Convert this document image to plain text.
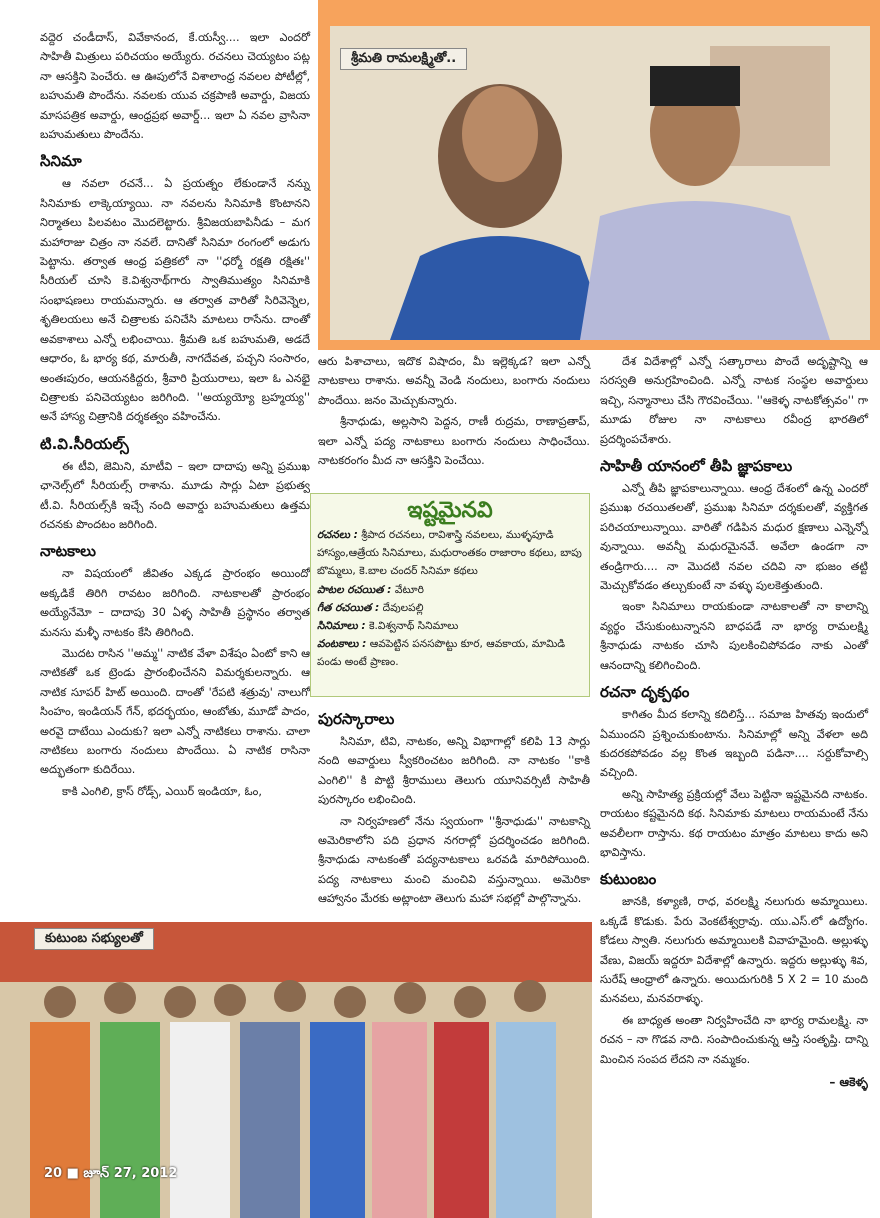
వద్దెర చండీదాస్, వివేకానంద, కే.యస్వీ.... ఇలా ఎందరో సాహితీ మిత్రులు పరిచయం అయ్యేరు. రచనలు చెయ్యటం పట్ల నా ఆసక్తిని పెంచేరు. ఆ ఊపులోనే విశాలాంధ్ర నవలల పోటీల్లో, బహుమతి పొందేను. నవలకు యువ చక్రపాణి అవార్డు, విజయ మాసపత్రిక అవార్డు, ఆంధ్రప్రభ అవార్డ్... ఇలా ఏ నవల వ్రాసినా బహుమతులు పొందేను.

సినిమా

ఆ నవలా రచనే... ఏ ప్రయత్నం లేకుండానే నన్ను సినిమాకు లాక్కెయ్యాయి. నా నవలను సినిమాకి కొంటానని నిర్మాతలు పిలవటం మొదలెట్టారు. శ్రీవిజయబాపినీడు – మగ మహారాజు చిత్రం నా నవలే. దానితో సినిమా రంగంలో అడుగు పెట్టాను. తర్వాత ఆంధ్ర పత్రికలో నా ''ధర్మో రక్షతి రక్షితః'' సీరియల్ చూసి కె.విశ్వనాథ్‌గారు స్వాతిముత్యం సినిమాకి సంభాషణలు రాయమన్నారు. ఆ తర్వాత వారితో సిరివెన్నెల, శృతిలయలు అనే చిత్రాలకు పనిచేసి మాటలు రాసేను. దాంతో అవకాశాలు ఎన్నో లభించాయి. శ్రీమతి ఒక బహుమతి, అడదే ఆధారం, ఓ భార్య కథ, మారుతీ, నాగదేవత, పచ్చని సంసారం, అంతఃపురం, ఆయనకిద్దరు, శ్రీవారి ప్రియురాలు, ఇలా ఓ ఎనభై చిత్రాలకు పనిచెయ్యటం జరిగింది. ''అయ్యయ్యో బ్రహ్మయ్య'' అనే హాస్య చిత్రానికి దర్శకత్వం వహించేను.

టి.వి.సీరియల్స్

ఈ టీవి, జెమిని, మాటీవి – ఇలా దాదాపు అన్ని ప్రముఖ ఛానెల్స్‌లో సీరియల్స్ రాశాను. మూడు సార్లు ఏటా ప్రభుత్వ టీ.వి. సీరియల్స్‌కి ఇచ్చే నంది అవార్డు బహుమతులు ఉత్తమ రచనకు పొందటం జరిగింది.

నాటకాలు

నా విషయంలో జీవితం ఎక్కడ ప్రారంభం అయిందో అక్కడికే తిరిగి రావటం జరిగింది. నాటకాలతో ప్రారంభం అయ్యేనేమో – దాదాపు 30 ఏళ్ళ సాహితీ ప్రస్థానం తర్వాత మనసు మళ్ళీ నాటకం కేసి తిరిగింది.

మొదట రాసిన ''అమ్మ'' నాటిక వేళా విశేషం ఏంటో కాని ఆ నాటికతో ఒక ట్రెండు ప్రారంభించేనని విమర్శకులన్నారు. ఆ నాటిక సూపర్ హిట్ అయింది. దాంతో 'రేపటి శత్రువు' నాలుగో సింహం, ఇండియన్ గేన్, భదర్భయం, ఆంబోతు, మూడో పాదం, అరవై దాటేయి ఎందుకు? ఇలా ఎన్నో నాటికలు రాశాను. చాలా నాటికలు బంగారు నందులు పొందేయి. ఏ నాటిక రాసినా అద్భుతంగా కుదిరేయి.

కాకి ఎంగిలి, క్రాస్ రోడ్స్, ఎయిర్ ఇండియా, ఓం,

శ్రీమతి రామలక్ష్మితో..

ఆరు పిశాచాలు, ఇదొక విషాదం, మీ ఇల్లెక్కడ? ఇలా ఎన్నో నాటకాలు రాశాను. అవన్నీ వెండి నందులు, బంగారు నందులు పొందేయి. జనం మెచ్చుకున్నారు.

శ్రీనాధుడు, అల్లసాని పెద్దన, రాణీ రుద్రమ, రాణాప్రతాప్, ఇలా ఎన్నో పద్య నాటకాలు బంగారు నందులు సాధించేయి. నాటకరంగం మీద నా ఆసక్తిని పెంచేయి.

ఇష్టమైనవి

రచనలు : శ్రీపాద రచనలు, రావిశాస్త్రి నవలలు, ముళ్ళపూడి హాస్యం,ఆత్రేయ సినిమాలు, మధురాంతకం రాజారాం కథలు, బాపు బొమ్మలు, కె.బాల చందర్ సినిమా కథలు

పాటల రచయిత : వేటూరి

గీత రచయిత : దేవులపల్లి

సినిమాలు : కె.విశ్వనాథ్ సినిమాలు

వంటకాలు : ఆవపెట్టిన పనసపొట్టు కూర, ఆవకాయ, మామిడి పండు అంటే ప్రాణం.

పురస్కారాలు

సినిమా, టివి, నాటకం, అన్ని విభాగాల్లో కలిపి 13 సార్లు నంది అవార్డులు స్వీకరించటం జరిగింది. నా నాటకం ''కాకి ఎంగిలి'' కి పొట్టి శ్రీరాములు తెలుగు యూనివర్సిటీ సాహితీ పురస్కారం లభించింది.

నా నిర్వహణలో నేను స్వయంగా ''శ్రీనాధుడు'' నాటకాన్ని అమెరికాలోని పది ప్రధాన నగరాల్లో ప్రదర్శించడం జరిగింది. శ్రీనాధుడు నాటకంతో పద్యనాటకాలు ఒరవడి మారిపోయింది. పద్య నాటకాలు మంచి మంచివి వస్తున్నాయి. అమెరికా ఆహ్వానం మేరకు అట్లాంటా తెలుగు మహా సభల్లో పాల్గొన్నాను.

దేశ విదేశాల్లో ఎన్నో సత్కారాలు పొందే అదృష్టాన్ని ఆ సరస్వతి అనుగ్రహించింది. ఎన్నో నాటక సంస్థల అవార్డులు ఇచ్చి, సన్మానాలు చేసి గౌరవించేయి. ''ఆకెళ్ళ నాటకోత్సవం'' గా మూడు రోజుల నా నాటకాలు రవీంద్ర భారతిలో ప్రదర్శింపచేశారు.

సాహితీ యానంలో తీపి జ్ఞాపకాలు

ఎన్నో తీపి జ్ఞాపకాలున్నాయి. ఆంధ్ర దేశంలో ఉన్న ఎందరో ప్రముఖ రచయితలతో, ప్రముఖ సినిమా దర్శకులతో, వ్యక్తిగత పరిచయాలున్నాయి. వారితో గడిపిన మధుర క్షణాలు ఎన్నెన్నో వున్నాయి. అవన్నీ మధురమైనవే. అవేలా ఉండగా నా తండ్రిగారు.... నా మొదటి నవల చదివి నా భుజం తట్టి మెచ్చుకోవడం తల్చుకుంటే నా వళ్ళు పులకెత్తుతుంది.

ఇంకా సినిమాలు రాయకుండా నాటకాలతో నా కాలాన్ని వ్యర్థం చేసుకుంటున్నానని బాధపడే నా భార్య రామలక్ష్మి శ్రీనాధుడు నాటకం చూసి పులకించిపోవడం నాకు ఎంతో ఆనందాన్ని కలిగించింది.

రచనా దృక్పథం

కాగితం మీద కలాన్ని కదిలిస్తే... సమాజ హితవు ఇందులో ఏముందని ప్రశ్నించుకుంటాను. సినిమాల్లో అన్ని వేళలా అది కుదరకపోవడం వల్ల కొంత ఇబ్బంది పడినా.... సర్దుకోవాల్సి వచ్చింది.

అన్ని సాహిత్య ప్రక్రియల్లో వేలు పెట్టినా ఇష్టమైనది నాటకం. రాయటం కష్టమైనది కథ. సినిమాకు మాటలు రాయమంటే నేను అవలీలగా రాస్తాను. కథ రాయటం మాత్రం మాటలు కాదు అని భావిస్తాను.

కుటుంబం

జానకి, కళ్యాణి, రాధ, వరలక్ష్మి నలుగురు అమ్మాయిలు. ఒక్కడే కొడుకు. పేరు వెంకటేశ్వర్రావు. యు.ఎస్.లో ఉద్యోగం. కోడలు స్వాతి. నలుగురు అమ్మాయిలకి వివాహమైంది. అల్లుళ్ళు వేణు, విజయ్ ఇద్దరూ విదేశాల్లో ఉన్నారు. ఇద్దరు అల్లుళ్ళు శివ, సురేష్ ఆంధ్రాలో ఉన్నారు. అయిదుగురికి 5 X 2 = 10 మంది మనవలు, మనవరాళ్ళు.

ఈ బాధ్యత అంతా నిర్వహించేది నా భార్య రామలక్ష్మి. నా రచన – నా గొడవ నాది. సంపాదించుకున్న ఆస్తి సంతృప్తి. దాన్ని మించిన సంపద లేదని నా నమ్మకం.

– ఆకెళ్ళ
కుటుంబ సభ్యులతో
20 ■ జూన్ 27, 2012
